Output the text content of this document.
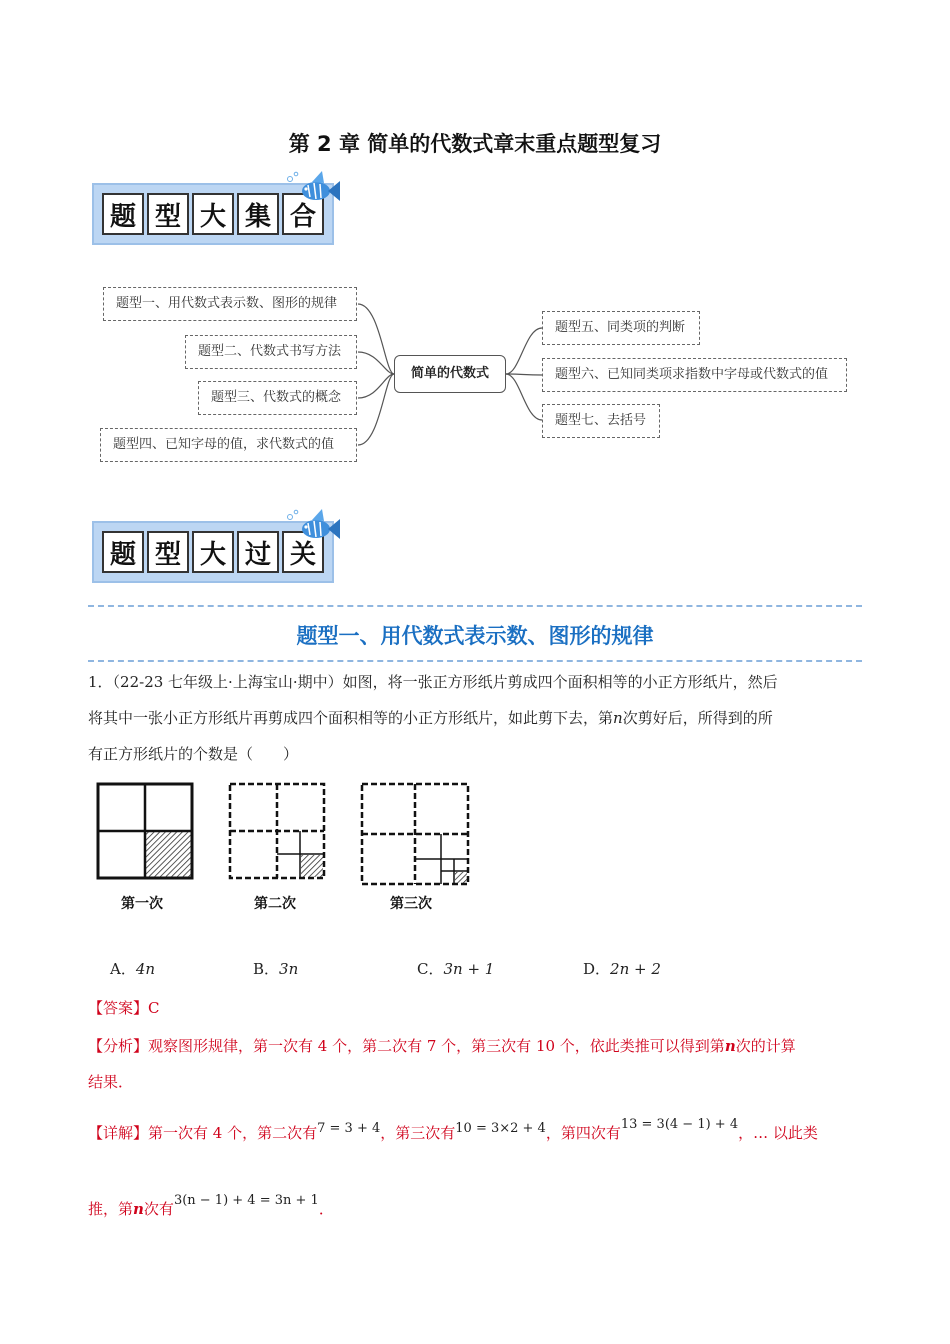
第 2 章 简单的代数式章末重点题型复习
题 型 大 集 合
简单的代数式
题型一、用代数式表示数、图形的规律
题型二、代数式书写方法
题型三、代数式的概念
题型四、已知字母的值，求代数式的值
题型五、同类项的判断
题型六、已知同类项求指数中字母或代数式的值
题型七、去括号
题 型 大 过 关
题型一、用代数式表示数、图形的规律
1．（22-23 七年级上·上海宝山·期中）如图，将一张正方形纸片剪成四个面积相等的小正方形纸片，然后
将其中一张小正方形纸片再剪成四个面积相等的小正方形纸片，如此剪下去，第n次剪好后，所得到的所
有正方形纸片的个数是（　　）
第一次	第二次	第三次
A．4n	B．3n	C．3n + 1	D．2n + 2
【答案】C
【分析】观察图形规律，第一次有 4 个，第二次有 7 个，第三次有 10 个，依此类推可以得到第n次的计算
结果．
【详解】第一次有 4 个，第二次有7 = 3 + 4，第三次有10 = 3×2 + 4，第四次有13 = 3(4 − 1) + 4，… 以此类
推，第n次有3(n − 1) + 4 = 3n + 1．
